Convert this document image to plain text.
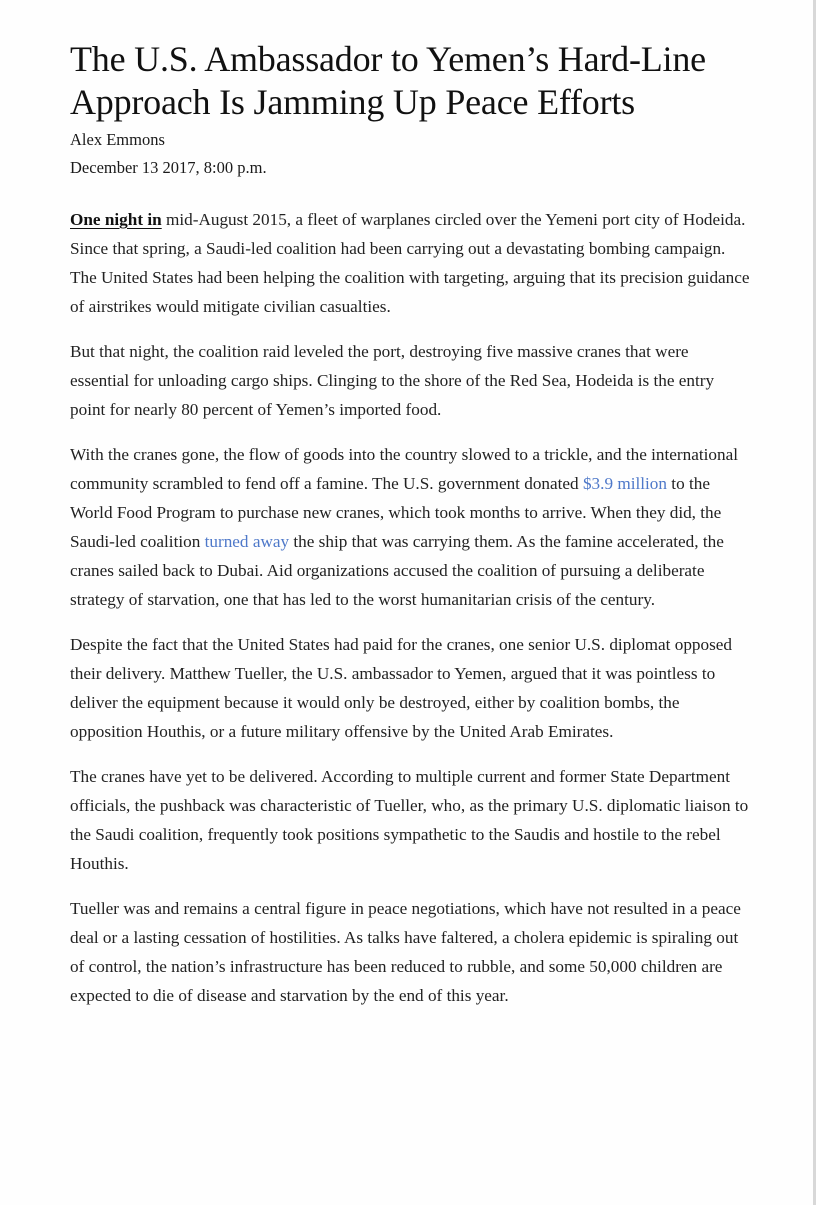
The U.S. Ambassador to Yemen’s Hard-Line Approach Is Jamming Up Peace Efforts
Alex Emmons
December 13 2017, 8:00 p.m.

One night in mid-August 2015, a fleet of warplanes circled over the Yemeni port city of Hodeida. Since that spring, a Saudi-led coalition had been carrying out a devastating bombing campaign. The United States had been helping the coalition with targeting, arguing that its precision guidance of airstrikes would mitigate civilian casualties.

But that night, the coalition raid leveled the port, destroying five massive cranes that were essential for unloading cargo ships. Clinging to the shore of the Red Sea, Hodeida is the entry point for nearly 80 percent of Yemen’s imported food.

With the cranes gone, the flow of goods into the country slowed to a trickle, and the international community scrambled to fend off a famine. The U.S. government donated $3.9 million to the World Food Program to purchase new cranes, which took months to arrive. When they did, the Saudi-led coalition turned away the ship that was carrying them. As the famine accelerated, the cranes sailed back to Dubai. Aid organizations accused the coalition of pursuing a deliberate strategy of starvation, one that has led to the worst humanitarian crisis of the century.

Despite the fact that the United States had paid for the cranes, one senior U.S. diplomat opposed their delivery. Matthew Tueller, the U.S. ambassador to Yemen, argued that it was pointless to deliver the equipment because it would only be destroyed, either by coalition bombs, the opposition Houthis, or a future military offensive by the United Arab Emirates.

The cranes have yet to be delivered. According to multiple current and former State Department officials, the pushback was characteristic of Tueller, who, as the primary U.S. diplomatic liaison to the Saudi coalition, frequently took positions sympathetic to the Saudis and hostile to the rebel Houthis.

Tueller was and remains a central figure in peace negotiations, which have not resulted in a peace deal or a lasting cessation of hostilities. As talks have faltered, a cholera epidemic is spiraling out of control, the nation’s infrastructure has been reduced to rubble, and some 50,000 children are expected to die of disease and starvation by the end of this year.
